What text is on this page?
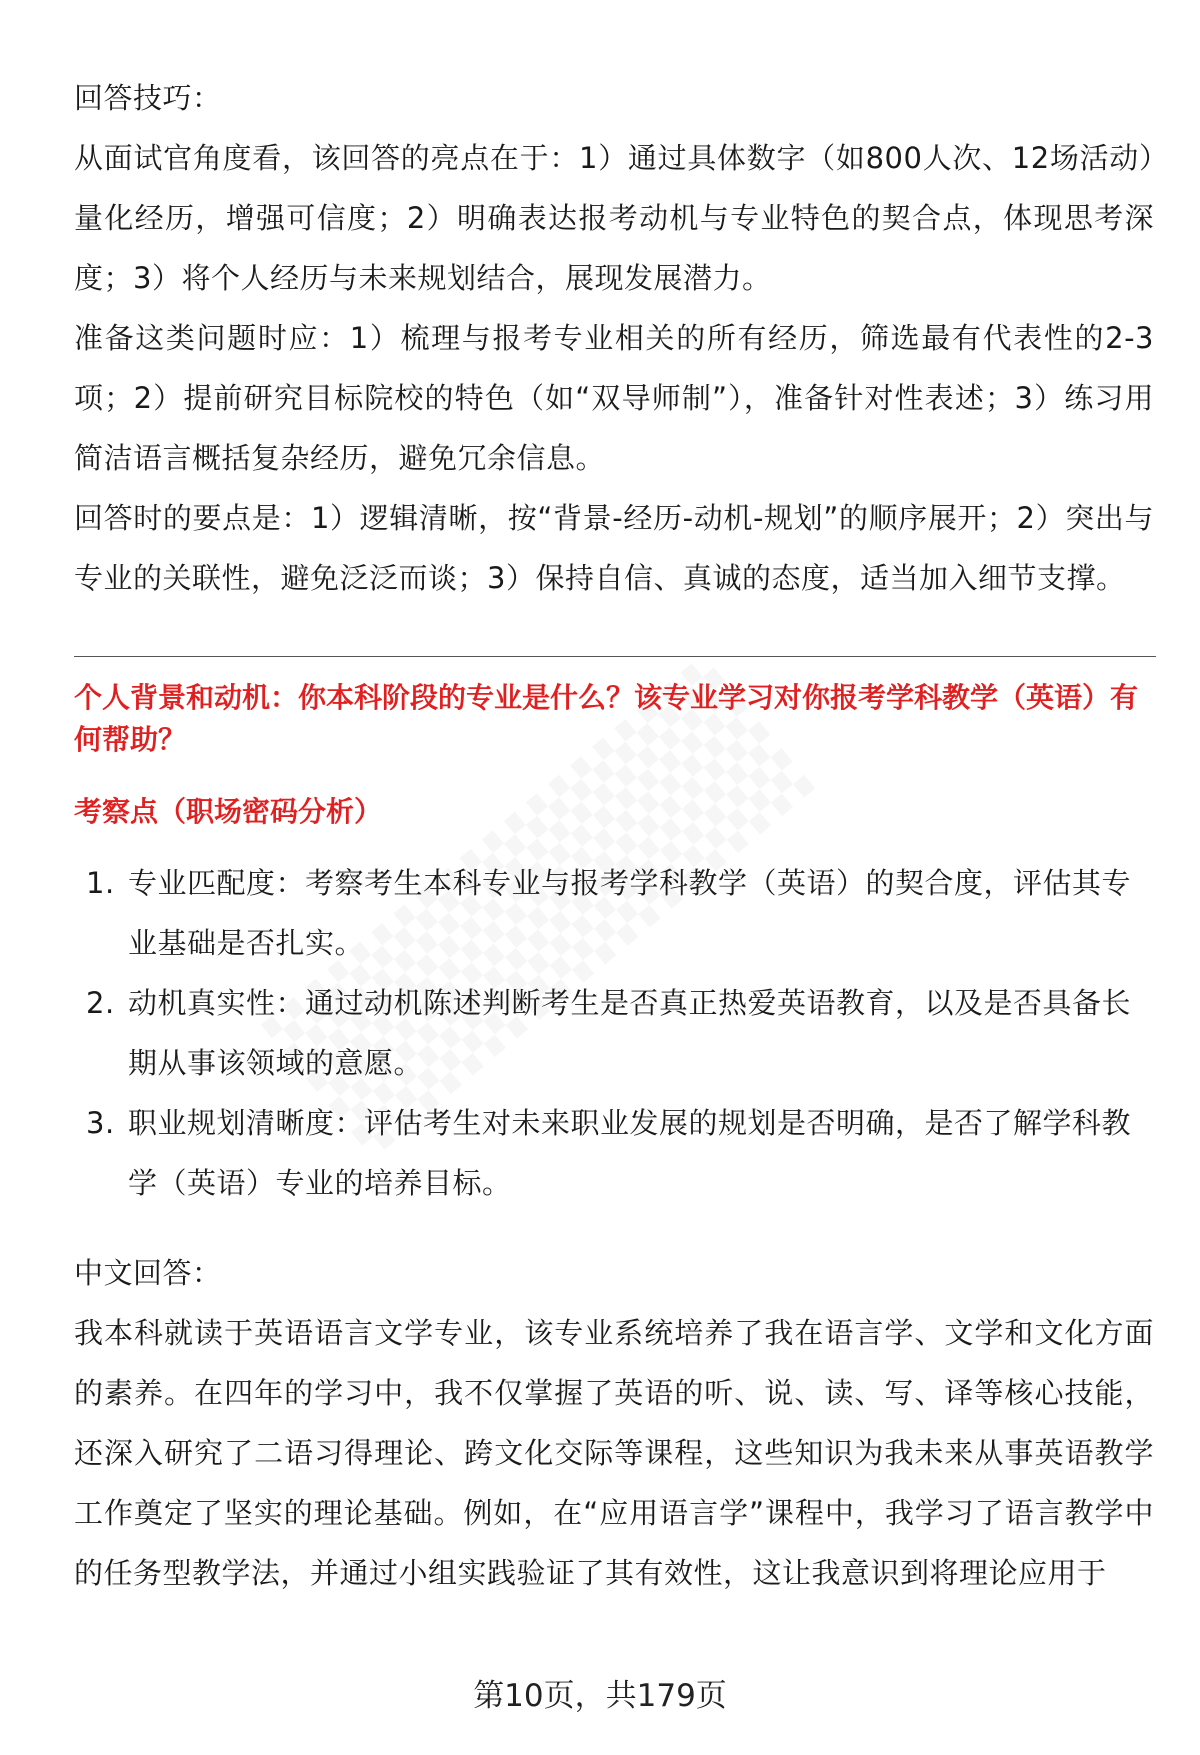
回答技巧：

从面试官角度看，该回答的亮点在于：1）通过具体数字（如800人次、12场活动）量化经历，增强可信度；2）明确表达报考动机与专业特色的契合点，体现思考深度；3）将个人经历与未来规划结合，展现发展潜力。

准备这类问题时应：1）梳理与报考专业相关的所有经历，筛选最有代表性的2-3项；2）提前研究目标院校的特色（如“双导师制”），准备针对性表述；3）练习用简洁语言概括复杂经历，避免冗余信息。

回答时的要点是：1）逻辑清晰，按“背景-经历-动机-规划”的顺序展开；2）突出与专业的关联性，避免泛泛而谈；3）保持自信、真诚的态度，适当加入细节支撑。

个人背景和动机：你本科阶段的专业是什么？该专业学习对你报考学科教学（英语）有何帮助？

考察点（职场密码分析）

1. 专业匹配度：考察考生本科专业与报考学科教学（英语）的契合度，评估其专业基础是否扎实。
2. 动机真实性：通过动机陈述判断考生是否真正热爱英语教育，以及是否具备长期从事该领域的意愿。
3. 职业规划清晰度：评估考生对未来职业发展的规划是否明确，是否了解学科教学（英语）专业的培养目标。

中文回答：

我本科就读于英语语言文学专业，该专业系统培养了我在语言学、文学和文化方面的素养。在四年的学习中，我不仅掌握了英语的听、说、读、写、译等核心技能，还深入研究了二语习得理论、跨文化交际等课程，这些知识为我未来从事英语教学工作奠定了坚实的理论基础。例如，在“应用语言学”课程中，我学习了语言教学中的任务型教学法，并通过小组实践验证了其有效性，这让我意识到将理论应用于

第10页，共179页
